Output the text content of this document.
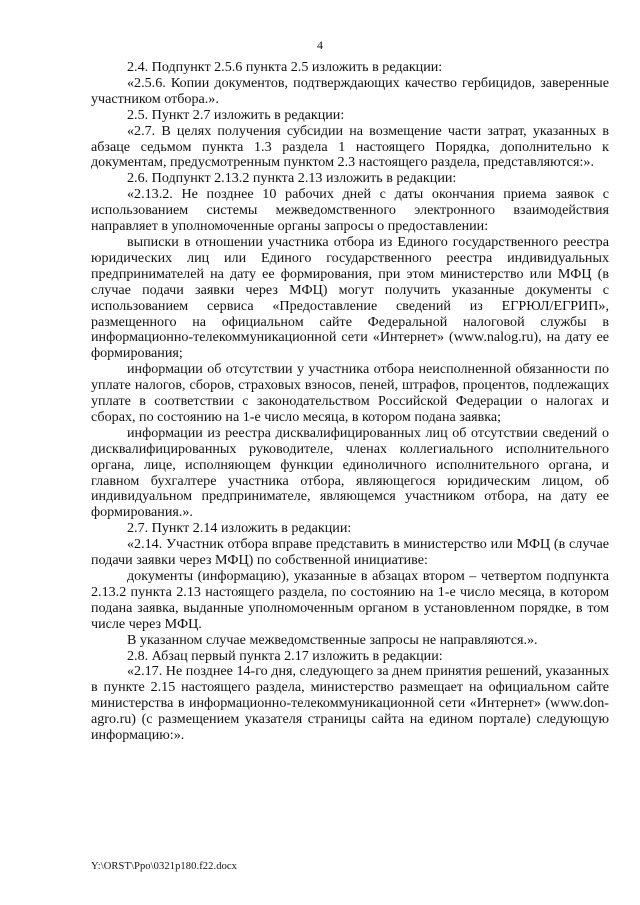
4

2.4. Подпункт 2.5.6 пункта 2.5 изложить в редакции:

«2.5.6. Копии документов, подтверждающих качество гербицидов, заверенные участником отбора.».

2.5. Пункт 2.7 изложить в редакции:

«2.7. В целях получения субсидии на возмещение части затрат, указанных в абзаце седьмом пункта 1.3 раздела 1 настоящего Порядка, дополнительно к документам, предусмотренным пунктом 2.3 настоящего раздела, представляются:».

2.6. Подпункт 2.13.2 пункта 2.13 изложить в редакции:

«2.13.2. Не позднее 10 рабочих дней с даты окончания приема заявок с использованием системы межведомственного электронного взаимодействия направляет в уполномоченные органы запросы о предоставлении:

выписки в отношении участника отбора из Единого государственного реестра юридических лиц или Единого государственного реестра индивидуальных предпринимателей на дату ее формирования, при этом министерство или МФЦ (в случае подачи заявки через МФЦ) могут получить указанные документы с использованием сервиса «Предоставление сведений из ЕГРЮЛ/ЕГРИП», размещенного на официальном сайте Федеральной налоговой службы в информационно-телекоммуникационной сети «Интернет» (www.nalog.ru), на дату ее формирования;

информации об отсутствии у участника отбора неисполненной обязанности по уплате налогов, сборов, страховых взносов, пеней, штрафов, процентов, подлежащих уплате в соответствии с законодательством Российской Федерации о налогах и сборах, по состоянию на 1-е число месяца, в котором подана заявка;

информации из реестра дисквалифицированных лиц об отсутствии сведений о дисквалифицированных руководителе, членах коллегиального исполнительного органа, лице, исполняющем функции единоличного исполнительного органа, и главном бухгалтере участника отбора, являющегося юридическим лицом, об индивидуальном предпринимателе, являющемся участником отбора, на дату ее формирования.».

2.7. Пункт 2.14 изложить в редакции:

«2.14. Участник отбора вправе представить в министерство или МФЦ (в случае подачи заявки через МФЦ) по собственной инициативе:

документы (информацию), указанные в абзацах втором – четвертом подпункта 2.13.2 пункта 2.13 настоящего раздела, по состоянию на 1-е число месяца, в котором подана заявка, выданные уполномоченным органом в установленном порядке, в том числе через МФЦ.

В указанном случае межведомственные запросы не направляются.».

2.8. Абзац первый пункта 2.17 изложить в редакции:

«2.17. Не позднее 14-го дня, следующего за днем принятия решений, указанных в пункте 2.15 настоящего раздела, министерство размещает на официальном сайте министерства в информационно-телекоммуникационной сети «Интернет» (www.don-agro.ru) (с размещением указателя страницы сайта на едином портале) следующую информацию:».

Y:\ORST\Ppo\0321p180.f22.docx
